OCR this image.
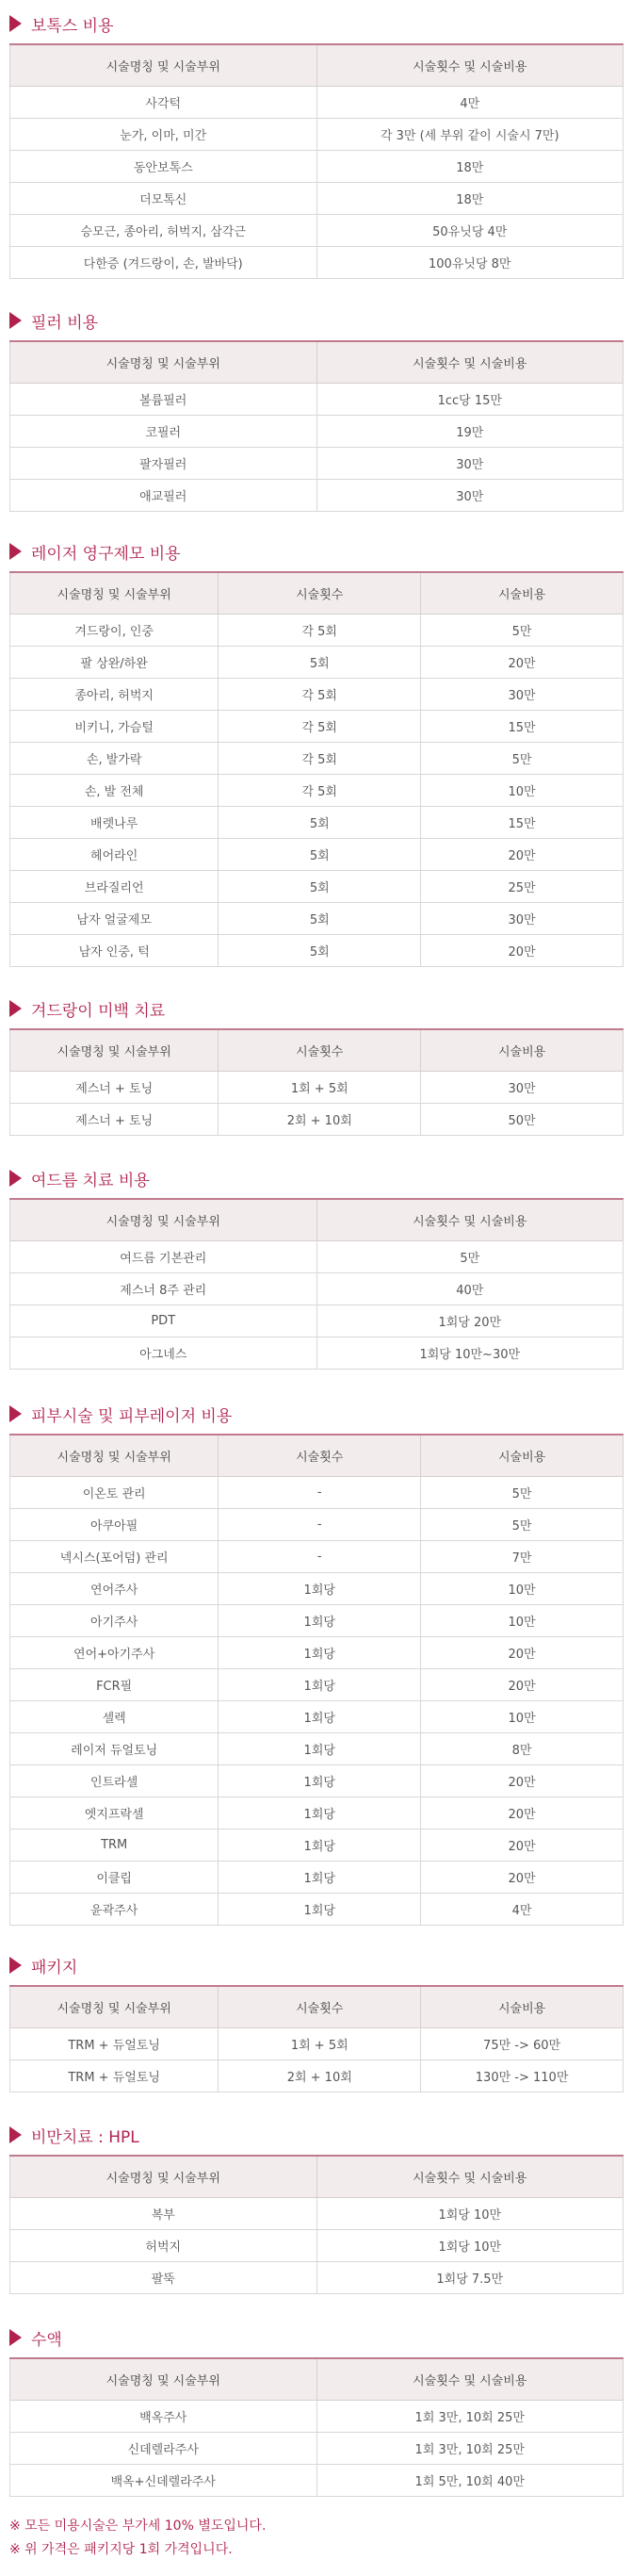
보톡스 비용
시술명칭 및 시술부위	시술횟수 및 시술비용
사각턱	4만
눈가, 이마, 미간	각 3만 (세 부위 같이 시술시 7만)
동안보톡스	18만
더모톡신	18만
승모근, 종아리, 허벅지, 삼각근	50유닛당 4만
다한증 (겨드랑이, 손, 발바닥)	100유닛당 8만
필러 비용
시술명칭 및 시술부위	시술횟수 및 시술비용
볼륨필러	1cc당 15만
코필러	19만
팔자필러	30만
애교필러	30만
레이저 영구제모 비용
시술명칭 및 시술부위	시술횟수	시술비용
겨드랑이, 인중	각 5회	5만
팔 상완/하완	5회	20만
종아리, 허벅지	각 5회	30만
비키니, 가슴털	각 5회	15만
손, 발가락	각 5회	5만
손, 발 전체	각 5회	10만
배렛나루	5회	15만
헤어라인	5회	20만
브라질리언	5회	25만
남자 얼굴제모	5회	30만
남자 인중, 턱	5회	20만
겨드랑이 미백 치료
시술명칭 및 시술부위	시술횟수	시술비용
제스너 + 토닝	1회 + 5회	30만
제스너 + 토닝	2회 + 10회	50만
여드름 치료 비용
시술명칭 및 시술부위	시술횟수 및 시술비용
여드름 기본관리	5만
제스너 8주 관리	40만
PDT	1회당 20만
아그네스	1회당 10만~30만
피부시술 및 피부레이저 비용
시술명칭 및 시술부위	시술횟수	시술비용
이온토 관리	-	5만
아쿠아필	-	5만
넥시스(포어덤) 관리	-	7만
연어주사	1회당	10만
아기주사	1회당	10만
연어+아기주사	1회당	20만
FCR필	1회당	20만
셀렉	1회당	10만
레이저 듀얼토닝	1회당	8만
인트라셀	1회당	20만
엣지프락셀	1회당	20만
TRM	1회당	20만
이클립	1회당	20만
윤곽주사	1회당	4만
패키지
시술명칭 및 시술부위	시술횟수	시술비용
TRM + 듀얼토닝	1회 + 5회	75만 -> 60만
TRM + 듀얼토닝	2회 + 10회	130만 -> 110만
비만치료 : HPL
시술명칭 및 시술부위	시술횟수 및 시술비용
복부	1회당 10만
허벅지	1회당 10만
팔뚝	1회당 7.5만
수액
시술명칭 및 시술부위	시술횟수 및 시술비용
백옥주사	1회 3만, 10회 25만
신데렐라주사	1회 3만, 10회 25만
백옥+신데렐라주사	1회 5만, 10회 40만
※ 모든 미용시술은 부가세 10% 별도입니다.
※ 위 가격은 패키지당 1회 가격입니다.
